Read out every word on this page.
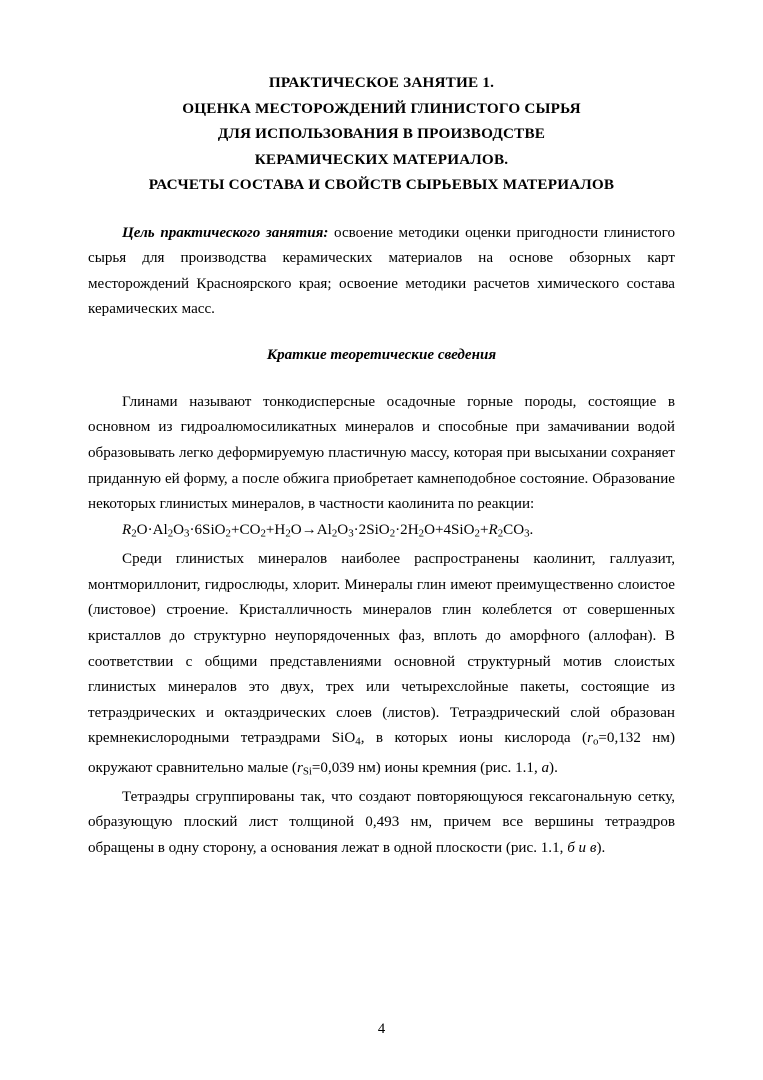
ПРАКТИЧЕСКОЕ ЗАНЯТИЕ 1.
ОЦЕНКА МЕСТОРОЖДЕНИЙ ГЛИНИСТОГО СЫРЬЯ
ДЛЯ ИСПОЛЬЗОВАНИЯ В ПРОИЗВОДСТВЕ
КЕРАМИЧЕСКИХ МАТЕРИАЛОВ.
РАСЧЕТЫ СОСТАВА И СВОЙСТВ СЫРЬЕВЫХ МАТЕРИАЛОВ

Цель практического занятия: освоение методики оценки пригодности глинистого сырья для производства керамических материалов на основе обзорных карт месторождений Красноярского края; освоение методики расчетов химического состава керамических масс.

Краткие теоретические сведения

Глинами называют тонкодисперсные осадочные горные породы, состоящие в основном из гидроалюмосиликатных минералов и способные при замачивании водой образовывать легко деформируемую пластичную массу, которая при высыхании сохраняет приданную ей форму, а после обжига приобретает камнеподобное состояние. Образование некоторых глинистых минералов, в частности каолинита по реакции:

$R_2O\cdot Al_2O_3\cdot 6SiO_2+CO_2+H_2O\to Al_2O_3\cdot 2SiO_2\cdot 2H_2O+4SiO_2+R_2CO_3$.

Среди глинистых минералов наиболее распространены каолинит, галлуазит, монтмориллонит, гидрослюды, хлорит. Минералы глин имеют преимущественно слоистое (листовое) строение. Кристалличность минералов глин колеблется от совершенных кристаллов до структурно неупорядоченных фаз, вплоть до аморфного (аллофан). В соответствии с общими представлениями основной структурный мотив слоистых глинистых минералов это двух, трех или четырехслойные пакеты, состоящие из тетраэдрических и октаэдрических слоев (листов). Тетраэдрический слой образован кремнекислородными тетраэдрами SiO$_4$, в которых ионы кислорода ($r_o=0,132$ нм) окружают сравнительно малые ($r_{Si}=0,039$ нм) ионы кремния (рис. 1.1, а).

Тетраэдры сгруппированы так, что создают повторяющуюся гексагональную сетку, образующую плоский лист толщиной 0,493 нм, причем все вершины тетраэдров обращены в одну сторону, а основания лежат в одной плоскости (рис. 1.1, б и в).

4
